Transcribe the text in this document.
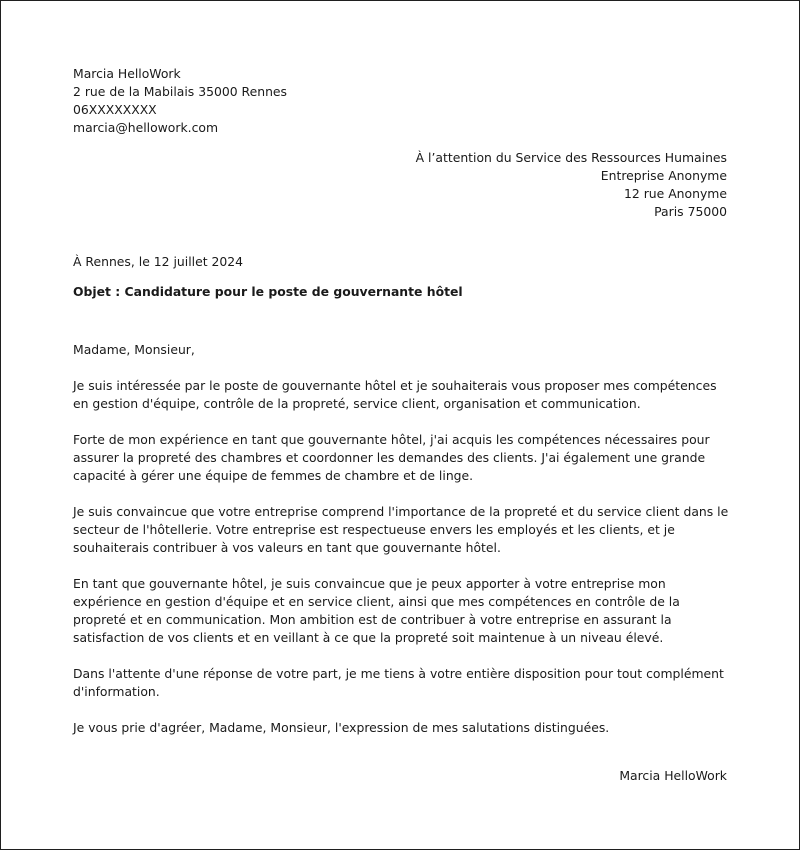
Marcia HelloWork
2 rue de la Mabilais 35000 Rennes
06XXXXXXXX
marcia@hellowork.com
À l’attention du Service des Ressources Humaines
Entreprise Anonyme
12 rue Anonyme
Paris 75000
À Rennes, le 12 juillet 2024
Objet : Candidature pour le poste de gouvernante hôtel

Madame, Monsieur,

Je suis intéressée par le poste de gouvernante hôtel et je souhaiterais vous proposer mes compétences en gestion d'équipe, contrôle de la propreté, service client, organisation et communication.

Forte de mon expérience en tant que gouvernante hôtel, j'ai acquis les compétences nécessaires pour assurer la propreté des chambres et coordonner les demandes des clients. J'ai également une grande capacité à gérer une équipe de femmes de chambre et de linge.

Je suis convaincue que votre entreprise comprend l'importance de la propreté et du service client dans le secteur de l'hôtellerie. Votre entreprise est respectueuse envers les employés et les clients, et je souhaiterais contribuer à vos valeurs en tant que gouvernante hôtel.

En tant que gouvernante hôtel, je suis convaincue que je peux apporter à votre entreprise mon expérience en gestion d'équipe et en service client, ainsi que mes compétences en contrôle de la propreté et en communication. Mon ambition est de contribuer à votre entreprise en assurant la satisfaction de vos clients et en veillant à ce que la propreté soit maintenue à un niveau élevé.

Dans l'attente d'une réponse de votre part, je me tiens à votre entière disposition pour tout complément d'information.

Je vous prie d'agréer, Madame, Monsieur, l'expression de mes salutations distinguées.

Marcia HelloWork
